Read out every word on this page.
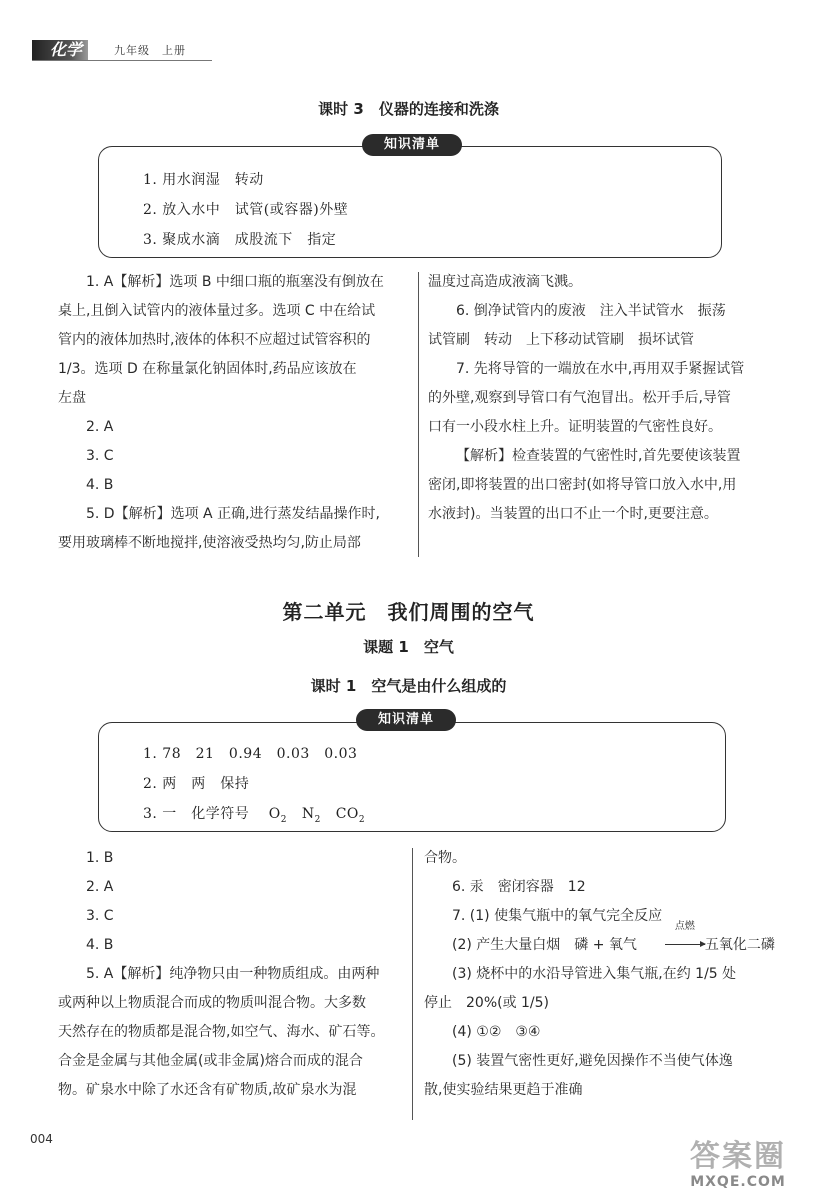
化学	九年级　上册
课时 3　仪器的连接和洗涤
知识清单
1. 用水润湿　转动
2. 放入水中　试管(或容器)外壁
3. 聚成水滴　成股流下　指定

1. A【解析】选项 B 中细口瓶的瓶塞没有倒放在

桌上,且倒入试管内的液体量过多。选项 C 中在给试

管内的液体加热时,液体的体积不应超过试管容积的

1/3。选项 D 在称量氯化钠固体时,药品应该放在

左盘

2. A

3. C

4. B

5. D【解析】选项 A 正确,进行蒸发结晶操作时,

要用玻璃棒不断地搅拌,使溶液受热均匀,防止局部

温度过高造成液滴飞溅。

6. 倒净试管内的废液　注入半试管水　振荡

试管刷　转动　上下移动试管刷　损坏试管

7. 先将导管的一端放在水中,再用双手紧握试管

的外壁,观察到导管口有气泡冒出。松开手后,导管

口有一小段水柱上升。证明装置的气密性良好。

【解析】检查装置的气密性时,首先要使该装置

密闭,即将装置的出口密封(如将导管口放入水中,用

水液封)。当装置的出口不止一个时,更要注意。

第二单元　我们周围的空气
课题 1　空气
课时 1　空气是由什么组成的
知识清单
1. 78　21　0.94　0.03　0.03
2. 两　两　保持
3. 一　化学符号　 $O_2$ $N_2$ $CO_2$

1. B

2. A

3. C

4. B

5. A【解析】纯净物只由一种物质组成。由两种

或两种以上物质混合而成的物质叫混合物。大多数

天然存在的物质都是混合物,如空气、海水、矿石等。

合金是金属与其他金属(或非金属)熔合而成的混合

物。矿泉水中除了水还含有矿物质,故矿泉水为混

合物。

6. 汞　密闭容器　12

7. (1) 使集气瓶中的氧气完全反应

(2) 产生大量白烟　磷 + 氧气
点燃
五氧化二磷

(3) 烧杯中的水沿导管进入集气瓶,在约 1/5 处

停止　20%(或 1/5)

(4) ①②　③④

(5) 装置气密性更好,避免因操作不当使气体逸

散,使实验结果更趋于准确

004	答案圈
MXQE.COM
